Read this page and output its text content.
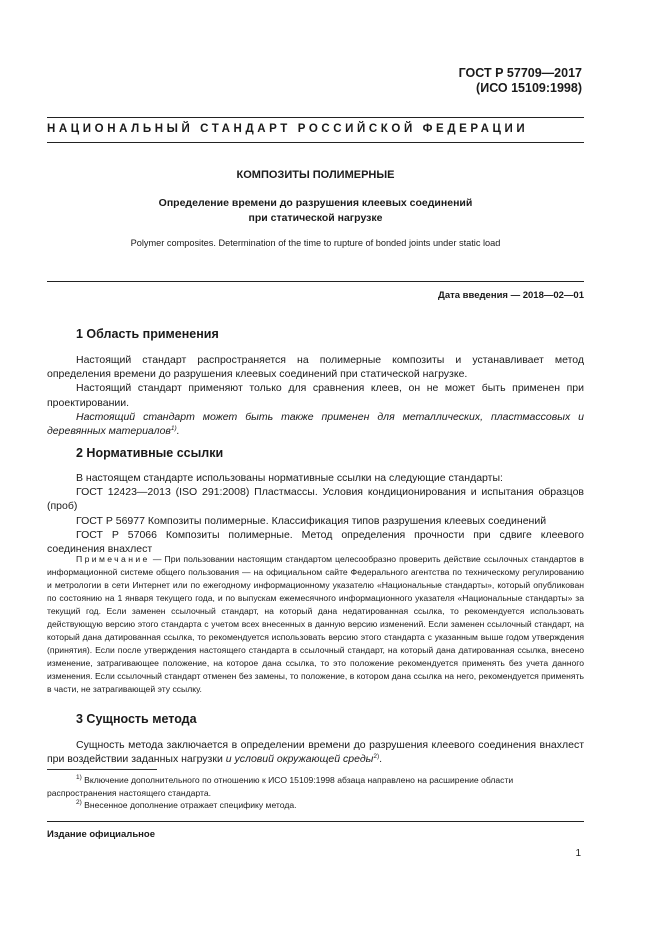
ГОСТ Р 57709—2017
(ИСО 15109:1998)
НАЦИОНАЛЬНЫЙ СТАНДАРТ РОССИЙСКОЙ ФЕДЕРАЦИИ
КОМПОЗИТЫ ПОЛИМЕРНЫЕ
Определение времени до разрушения клеевых соединений
при статической нагрузке
Polymer composites. Determination of the time to rupture of bonded joints under static load
Дата введения — 2018—02—01
1 Область применения

Настоящий стандарт распространяется на полимерные композиты и устанавливает метод определения времени до разрушения клеевых соединений при статической нагрузке.

Настоящий стандарт применяют только для сравнения клеев, он не может быть применен при проектировании.

Настоящий стандарт может быть также применен для металлических, пластмассовых и деревянных материалов$^{1)}$.

2 Нормативные ссылки

В настоящем стандарте использованы нормативные ссылки на следующие стандарты:

ГОСТ 12423—2013 (ISO 291:2008) Пластмассы. Условия кондиционирования и испытания образцов (проб)

ГОСТ Р 56977 Композиты полимерные. Классификация типов разрушения клеевых соединений

ГОСТ Р 57066 Композиты полимерные. Метод определения прочности при сдвиге клеевого соединения внахлест

Примечание — При пользовании настоящим стандартом целесообразно проверить действие ссылочных стандартов в информационной системе общего пользования — на официальном сайте Федерального агентства по техническому регулированию и метрологии в сети Интернет или по ежегодному информационному указателю «Национальные стандарты», который опубликован по состоянию на 1 января текущего года, и по выпускам ежемесячного информационного указателя «Национальные стандарты» за текущий год. Если заменен ссылочный стандарт, на который дана недатированная ссылка, то рекомендуется использовать действующую версию этого стандарта с учетом всех внесенных в данную версию изменений. Если заменен ссылочный стандарт, на который дана датированная ссылка, то рекомендуется использовать версию этого стандарта с указанным выше годом утверждения (принятия). Если после утверждения настоящего стандарта в ссылочный стандарт, на который дана датированная ссылка, внесено изменение, затрагивающее положение, на которое дана ссылка, то это положение рекомендуется применять без учета данного изменения. Если ссылочный стандарт отменен без замены, то положение, в котором дана ссылка на него, рекомендуется применять в части, не затрагивающей эту ссылку.

3 Сущность метода

Сущность метода заключается в определении времени до разрушения клеевого соединения внахлест при воздействии заданных нагрузки и условий окружающей среды$^{2)}$.

$^{1)}$ Включение дополнительного по отношению к ИСО 15109:1998 абзаца направлено на расширение области распространения настоящего стандарта.

$^{2)}$ Внесенное дополнение отражает специфику метода.

Издание официальное
1
